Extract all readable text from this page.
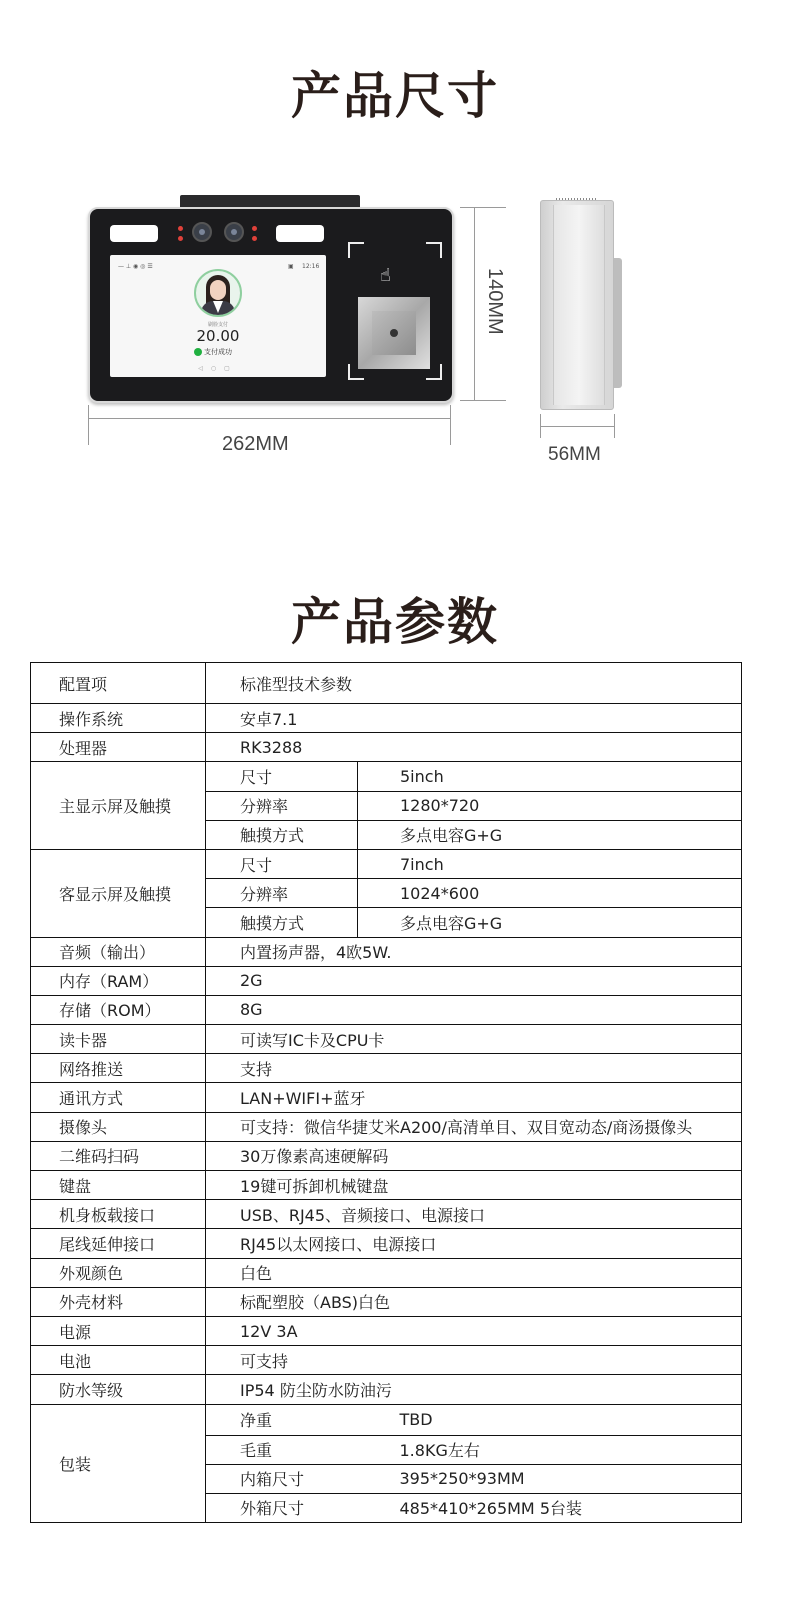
产品尺寸
— ⊥ ◉ ◎ ☰	▣ 12:16
刷脸支付
20.00
支付成功
◁○▢
☝
262MM
140MM
56MM
产品参数
配置项	标准型技术参数	
操作系统	安卓7.1	
处理器	RK3288	
主显示屏及触摸	尺寸	5inch
	分辨率	1280*720
	触摸方式	多点电容G+G
客显示屏及触摸	尺寸	7inch
	分辨率	1024*600
	触摸方式	多点电容G+G
音频（输出）	内置扬声器，4欧5W.	
内存（RAM）	2G	
存储（ROM）	8G	
读卡器	可读写IC卡及CPU卡	
网络推送	支持	
通讯方式	LAN+WIFI+蓝牙	
摄像头	可支持：微信华捷艾米A200/高清单目、双目宽动态/商汤摄像头	
二维码扫码	30万像素高速硬解码	
键盘	19键可拆卸机械键盘	
机身板载接口	USB、RJ45、音频接口、电源接口	
尾线延伸接口	RJ45以太网接口、电源接口	
外观颜色	白色	
外壳材料	标配塑胶（ABS)白色	
电源	12V 3A	
电池	可支持	
防水等级	IP54 防尘防水防油污	
包装	净重	TBD
	毛重	1.8KG左右
	内箱尺寸	395*250*93MM
	外箱尺寸	485*410*265MM 5台装
